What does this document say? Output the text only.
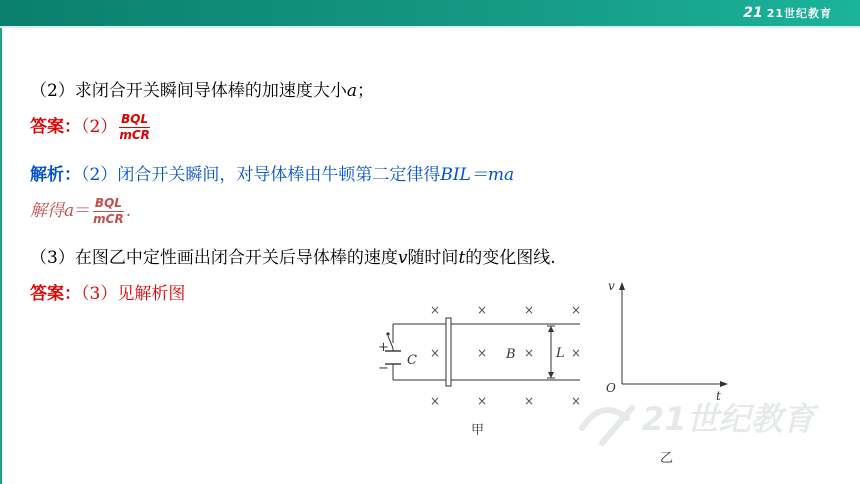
21 21世纪教育
（2）求闭合开关瞬间导体棒的加速度大小a；
答案：$(2) \frac{\text{BQL}}{\text{mCR}}$
解析：（2）闭合开关瞬间，对导体棒由牛顿第二定律得BIL＝ma
解得$a= \frac{\text{BQL}}{\text{mCR}}$ .
（3）在图乙中定性画出闭合开关后导体棒的速度v随时间t的变化图线.
答案：（3）见解析图
+
−
C	B	L
×	×	×	×
×	×	×	×
×	×	×	×
甲
v
t
O
乙
21世纪教育
